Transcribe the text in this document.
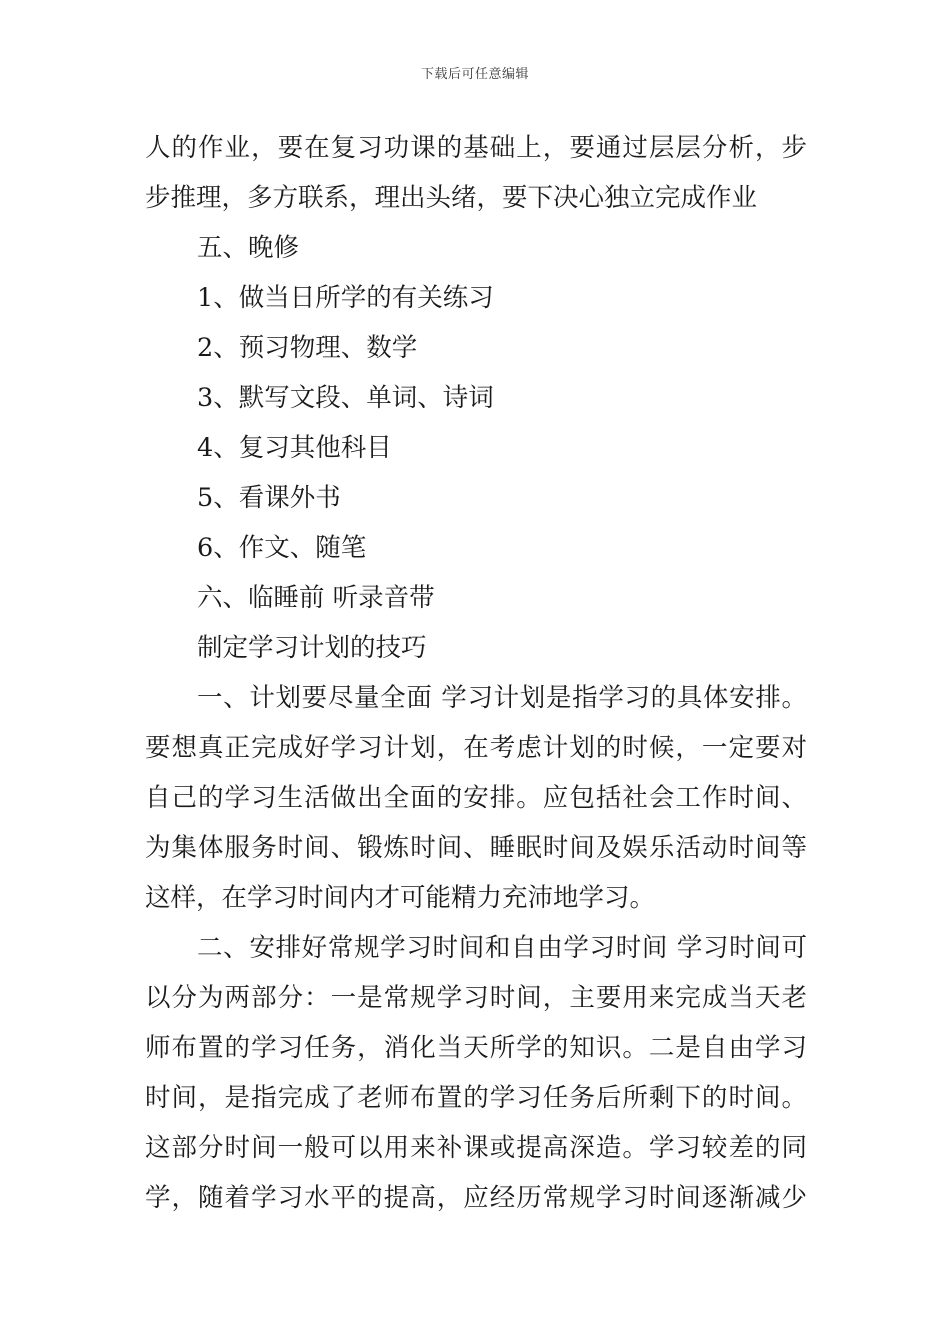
下载后可任意编辑
人的作业，要在复习功课的基础上，要通过层层分析，步
步推理，多方联系，理出头绪，要下决心独立完成作业
五、晚修
1、做当日所学的有关练习
2、预习物理、数学
3、默写文段、单词、诗词
4、复习其他科目
5、看课外书
6、作文、随笔
六、临睡前 听录音带
制定学习计划的技巧
一、计划要尽量全面 学习计划是指学习的具体安排。
要想真正完成好学习计划，在考虑计划的时候，一定要对
自己的学习生活做出全面的安排。应包括社会工作时间、
为集体服务时间、锻炼时间、睡眠时间及娱乐活动时间等
这样，在学习时间内才可能精力充沛地学习。
二、安排好常规学习时间和自由学习时间 学习时间可
以分为两部分：一是常规学习时间，主要用来完成当天老
师布置的学习任务，消化当天所学的知识。二是自由学习
时间，是指完成了老师布置的学习任务后所剩下的时间。
这部分时间一般可以用来补课或提高深造。学习较差的同
学，随着学习水平的提高，应经历常规学习时间逐渐减少
